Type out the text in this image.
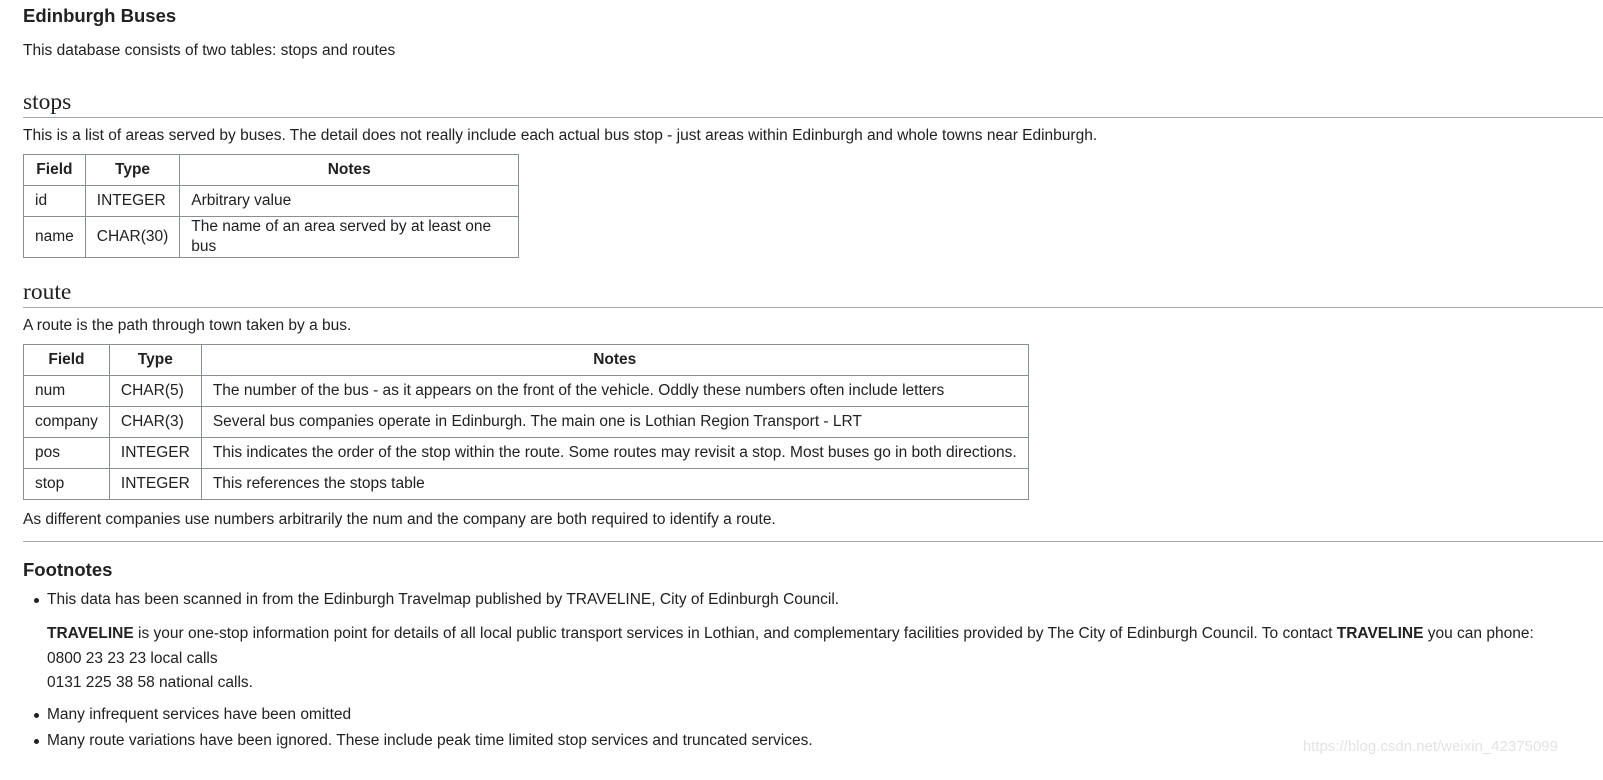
Edinburgh Buses
This database consists of two tables: stops and routes
stops
This is a list of areas served by buses. The detail does not really include each actual bus stop - just areas within Edinburgh and whole towns near Edinburgh.
Field	Type	Notes
id	INTEGER	Arbitrary value
name	CHAR(30)	The name of an area served by at least one bus
route
A route is the path through town taken by a bus.
Field	Type	Notes
num	CHAR(5)	The number of the bus - as it appears on the front of the vehicle. Oddly these numbers often include letters
company	CHAR(3)	Several bus companies operate in Edinburgh. The main one is Lothian Region Transport - LRT
pos	INTEGER	This indicates the order of the stop within the route. Some routes may revisit a stop. Most buses go in both directions.
stop	INTEGER	This references the stops table
As different companies use numbers arbitrarily the num and the company are both required to identify a route.
Footnotes
This data has been scanned in from the Edinburgh Travelmap published by TRAVELINE, City of Edinburgh Council.
TRAVELINE is your one-stop information point for details of all local public transport services in Lothian, and complementary facilities provided by The City of Edinburgh Council. To contact TRAVELINE you can phone:
0800 23 23 23 local calls
0131 225 38 58 national calls.
Many infrequent services have been omitted
Many route variations have been ignored. These include peak time limited stop services and truncated services.	https://blog.csdn.net/weixin_42375099
